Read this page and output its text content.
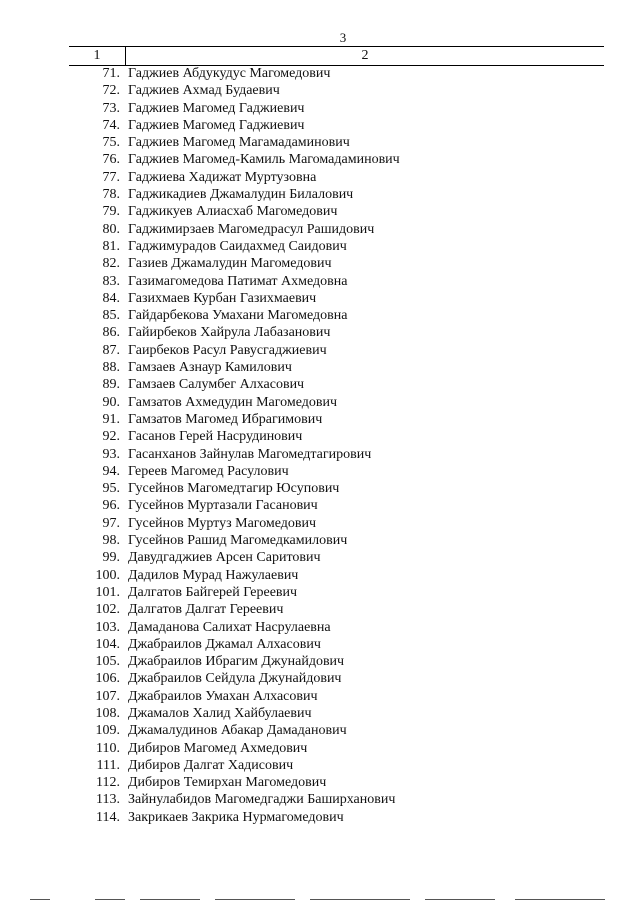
3
1	2
71. Гаджиев Абдукудус Магомедович
72. Гаджиев Ахмад Будаевич
73. Гаджиев Магомед Гаджиевич
74. Гаджиев Магомед Гаджиевич
75. Гаджиев Магомед Магамадаминович
76. Гаджиев Магомед-Камиль Магомадаминович
77. Гаджиева Хадижат Муртузовна
78. Гаджикадиев Джамалудин Билалович
79. Гаджикуев Алиасхаб Магомедович
80. Гаджимирзаев Магомедрасул Рашидович
81. Гаджимурадов Саидахмед Саидович
82. Газиев Джамалудин Магомедович
83. Газимагомедова Патимат Ахмедовна
84. Газихмаев Курбан Газихмаевич
85. Гайдарбекова Умахани Магомедовна
86. Гайирбеков Хайрула Лабазанович
87. Гаирбеков Расул Равусгаджиевич
88. Гамзаев Азнаур Камилович
89. Гамзаев Салумбег Алхасович
90. Гамзатов Ахмедудин Магомедович
91. Гамзатов Магомед Ибрагимович
92. Гасанов Герей Насрудинович
93. Гасанханов Зайнулав Магомедтагирович
94. Гереев Магомед Расулович
95. Гусейнов Магомедтагир Юсупович
96. Гусейнов Муртазали Гасанович
97. Гусейнов Муртуз Магомедович
98. Гусейнов Рашид Магомедкамилович
99. Давудгаджиев Арсен Саритович
100. Дадилов Мурад Нажулаевич
101. Далгатов Байгерей Гереевич
102. Далгатов Далгат Гереевич
103. Дамаданова Салихат Насрулаевна
104. Джабраилов Джамал Алхасович
105. Джабраилов Ибрагим Джунайдович
106. Джабраилов Сейдула Джунайдович
107. Джабраилов Умахан Алхасович
108. Джамалов Халид Хайбулаевич
109. Джамалудинов Абакар Дамаданович
110. Дибиров Магомед Ахмедович
111. Дибиров Далгат Хадисович
112. Дибиров Темирхан Магомедович
113. Зайнулабидов Магомедгаджи Баширханович
114. Закрикаев Закрика Нурмагомедович
